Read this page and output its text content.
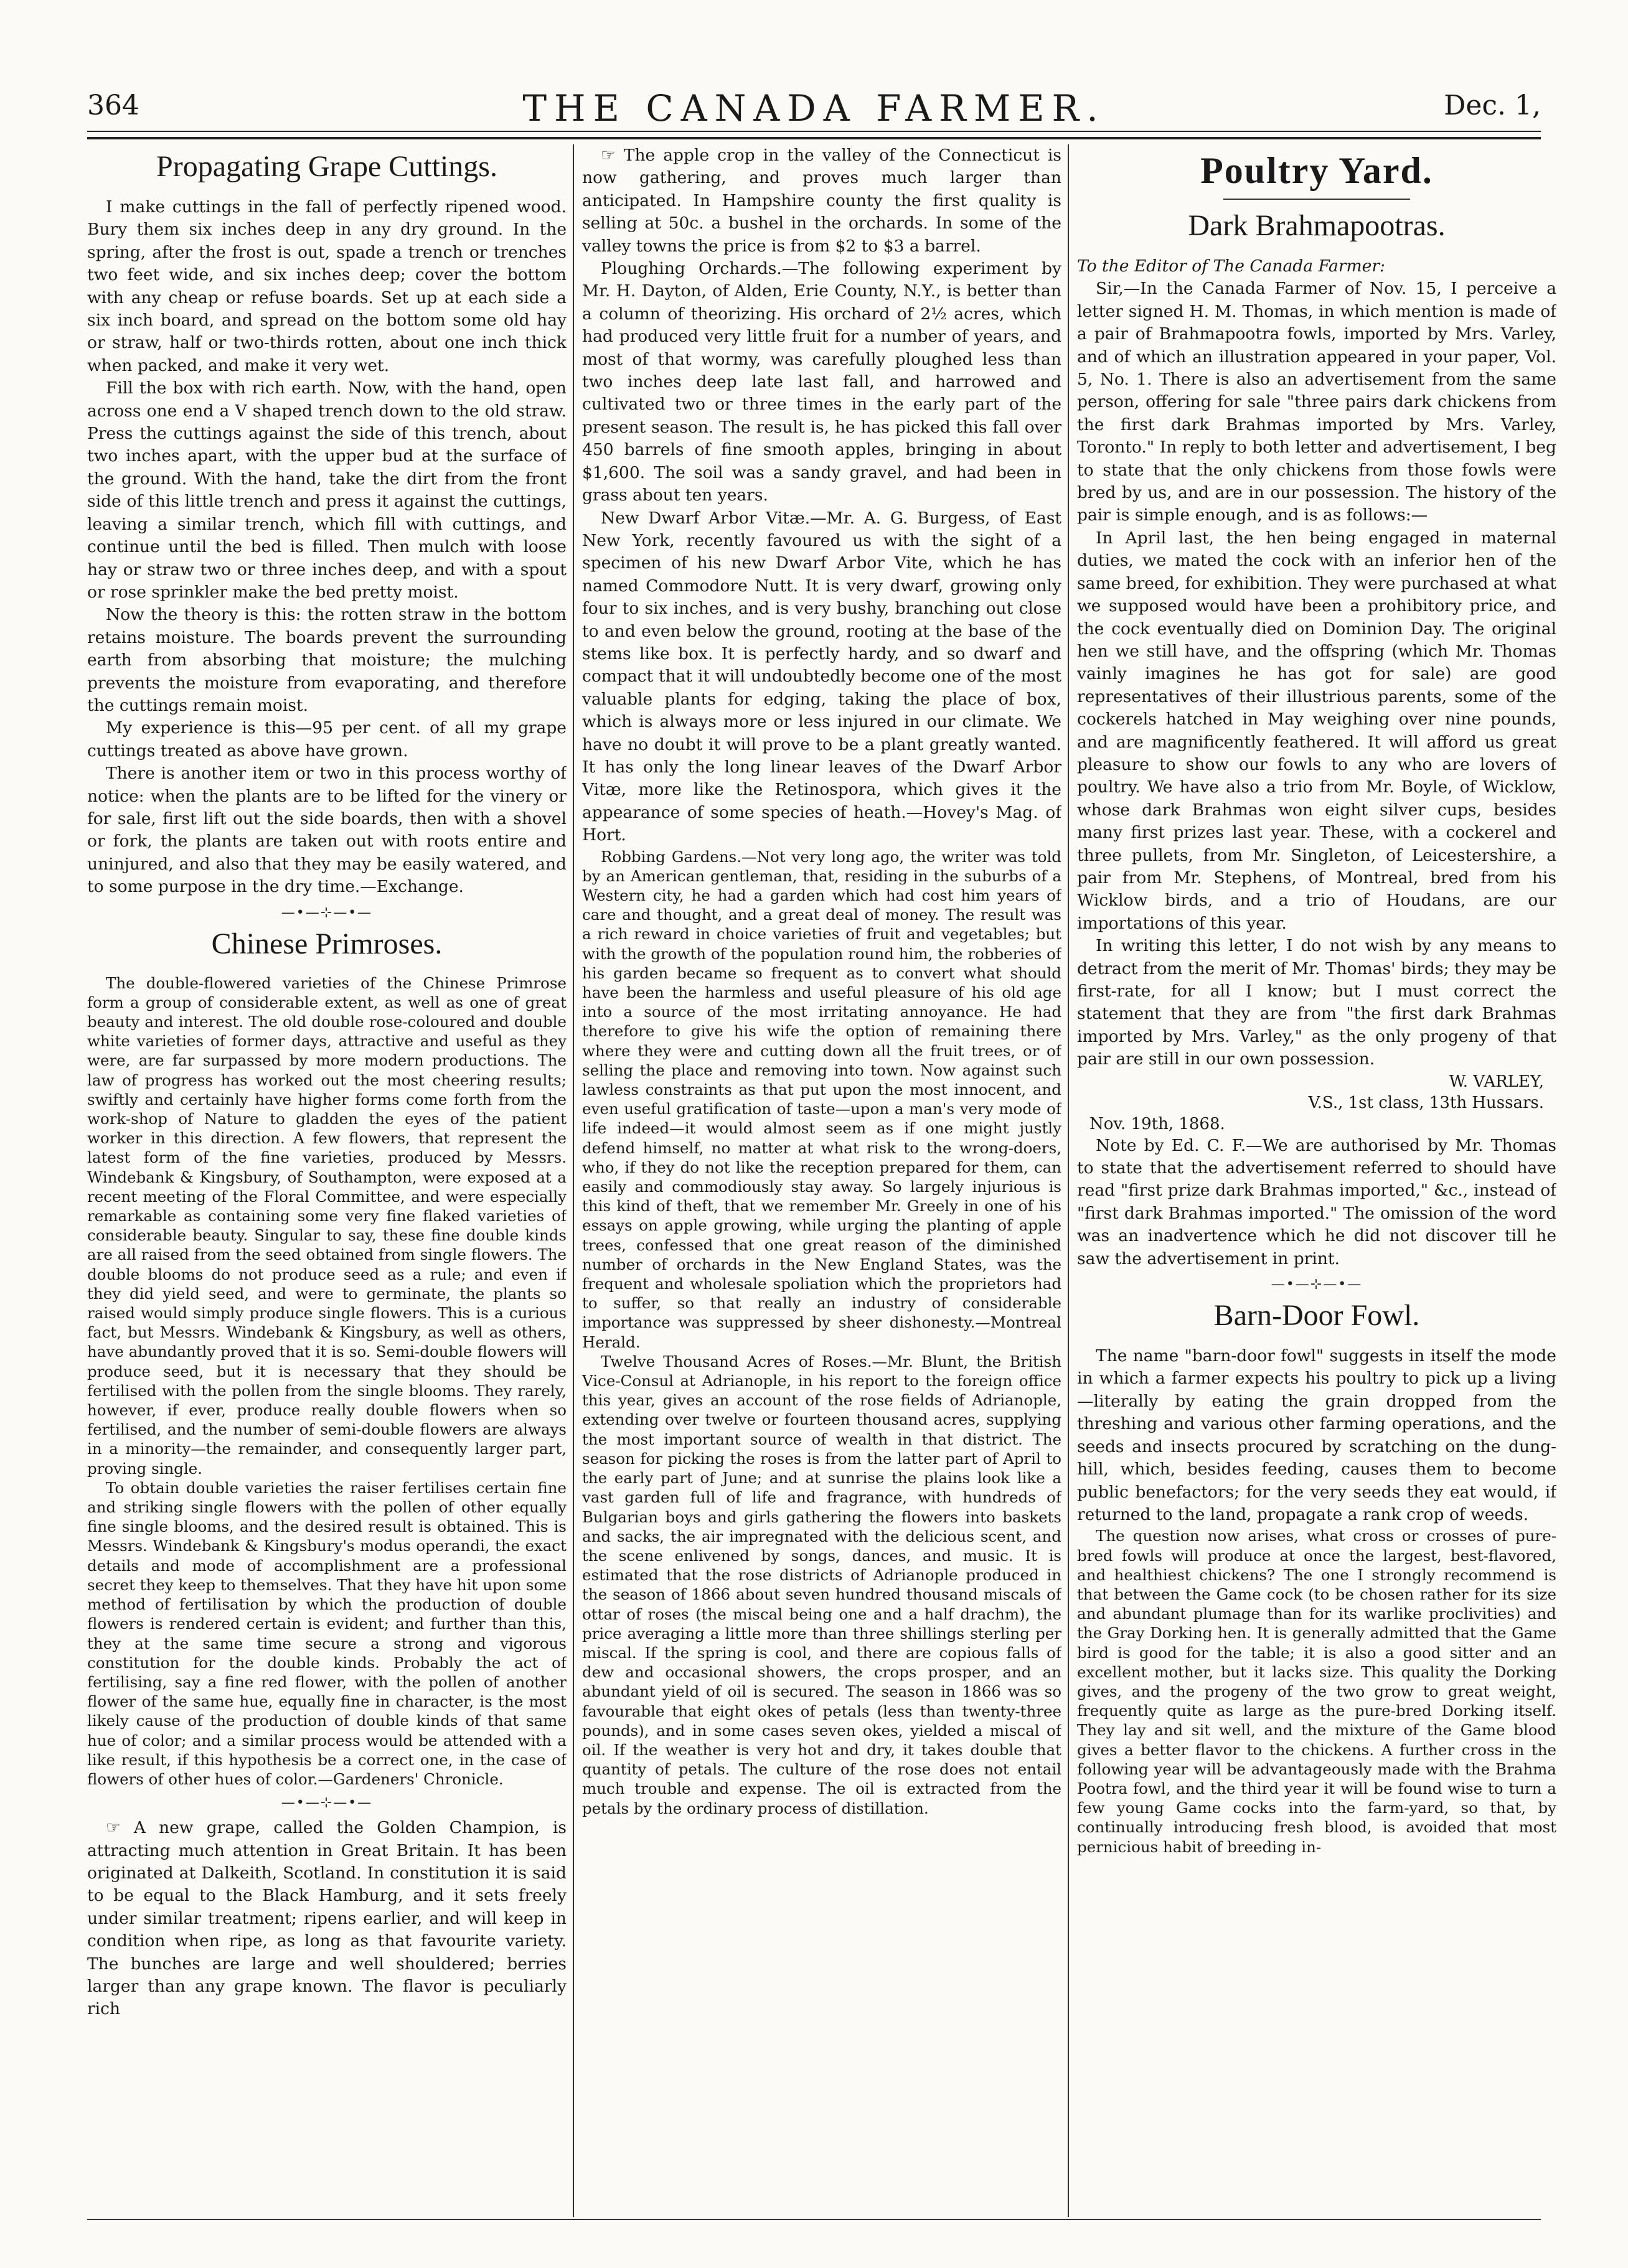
364	THE CANADA FARMER.	Dec. 1,
Propagating Grape Cuttings.

I make cuttings in the fall of perfectly ripened wood. Bury them six inches deep in any dry ground. In the spring, after the frost is out, spade a trench or trenches two feet wide, and six inches deep; cover the bottom with any cheap or refuse boards. Set up at each side a six inch board, and spread on the bottom some old hay or straw, half or two-thirds rotten, about one inch thick when packed, and make it very wet.

Fill the box with rich earth. Now, with the hand, open across one end a V shaped trench down to the old straw. Press the cuttings against the side of this trench, about two inches apart, with the upper bud at the surface of the ground. With the hand, take the dirt from the front side of this little trench and press it against the cuttings, leaving a similar trench, which fill with cuttings, and continue until the bed is filled. Then mulch with loose hay or straw two or three inches deep, and with a spout or rose sprinkler make the bed pretty moist.

Now the theory is this: the rotten straw in the bottom retains moisture. The boards prevent the surrounding earth from absorbing that moisture; the mulching prevents the moisture from evaporating, and therefore the cuttings remain moist.

My experience is this—95 per cent. of all my grape cuttings treated as above have grown.

There is another item or two in this process worthy of notice: when the plants are to be lifted for the vinery or for sale, first lift out the side boards, then with a shovel or fork, the plants are taken out with roots entire and uninjured, and also that they may be easily watered, and to some purpose in the dry time.—Exchange.

—•—⊹—•—
Chinese Primroses.

The double-flowered varieties of the Chinese Primrose form a group of considerable extent, as well as one of great beauty and interest. The old double rose-coloured and double white varieties of former days, attractive and useful as they were, are far surpassed by more modern productions. The law of progress has worked out the most cheering results; swiftly and certainly have higher forms come forth from the work-shop of Nature to gladden the eyes of the patient worker in this direction. A few flowers, that represent the latest form of the fine varieties, produced by Messrs. Windebank & Kingsbury, of Southampton, were exposed at a recent meeting of the Floral Committee, and were especially remarkable as containing some very fine flaked varieties of considerable beauty. Singular to say, these fine double kinds are all raised from the seed obtained from single flowers. The double blooms do not produce seed as a rule; and even if they did yield seed, and were to germinate, the plants so raised would simply produce single flowers. This is a curious fact, but Messrs. Windebank & Kingsbury, as well as others, have abundantly proved that it is so. Semi-double flowers will produce seed, but it is necessary that they should be fertilised with the pollen from the single blooms. They rarely, however, if ever, produce really double flowers when so fertilised, and the number of semi-double flowers are always in a minority—the remainder, and consequently larger part, proving single.

To obtain double varieties the raiser fertilises certain fine and striking single flowers with the pollen of other equally fine single blooms, and the desired result is obtained. This is Messrs. Windebank & Kingsbury's modus operandi, the exact details and mode of accomplishment are a professional secret they keep to themselves. That they have hit upon some method of fertilisation by which the production of double flowers is rendered certain is evident; and further than this, they at the same time secure a strong and vigorous constitution for the double kinds. Probably the act of fertilising, say a fine red flower, with the pollen of another flower of the same hue, equally fine in character, is the most likely cause of the production of double kinds of that same hue of color; and a similar process would be attended with a like result, if this hypothesis be a correct one, in the case of flowers of other hues of color.—Gardeners' Chronicle.

—•—⊹—•—

☞ A new grape, called the Golden Champion, is attracting much attention in Great Britain. It has been originated at Dalkeith, Scotland. In constitution it is said to be equal to the Black Hamburg, and it sets freely under similar treatment; ripens earlier, and will keep in condition when ripe, as long as that favourite variety. The bunches are large and well shouldered; berries larger than any grape known. The flavor is peculiarly rich

☞ The apple crop in the valley of the Connecticut is now gathering, and proves much larger than anticipated. In Hampshire county the first quality is selling at 50c. a bushel in the orchards. In some of the valley towns the price is from $2 to $3 a barrel.

Ploughing Orchards.—The following experiment by Mr. H. Dayton, of Alden, Erie County, N.Y., is better than a column of theorizing. His orchard of 2½ acres, which had produced very little fruit for a number of years, and most of that wormy, was carefully ploughed less than two inches deep late last fall, and harrowed and cultivated two or three times in the early part of the present season. The result is, he has picked this fall over 450 barrels of fine smooth apples, bringing in about $1,600. The soil was a sandy gravel, and had been in grass about ten years.

New Dwarf Arbor Vitæ.—Mr. A. G. Burgess, of East New York, recently favoured us with the sight of a specimen of his new Dwarf Arbor Vite, which he has named Commodore Nutt. It is very dwarf, growing only four to six inches, and is very bushy, branching out close to and even below the ground, rooting at the base of the stems like box. It is perfectly hardy, and so dwarf and compact that it will undoubtedly become one of the most valuable plants for edging, taking the place of box, which is always more or less injured in our climate. We have no doubt it will prove to be a plant greatly wanted. It has only the long linear leaves of the Dwarf Arbor Vitæ, more like the Retinospora, which gives it the appearance of some species of heath.—Hovey's Mag. of Hort.

Robbing Gardens.—Not very long ago, the writer was told by an American gentleman, that, residing in the suburbs of a Western city, he had a garden which had cost him years of care and thought, and a great deal of money. The result was a rich reward in choice varieties of fruit and vegetables; but with the growth of the population round him, the robberies of his garden became so frequent as to convert what should have been the harmless and useful pleasure of his old age into a source of the most irritating annoyance. He had therefore to give his wife the option of remaining there where they were and cutting down all the fruit trees, or of selling the place and removing into town. Now against such lawless constraints as that put upon the most innocent, and even useful gratification of taste—upon a man's very mode of life indeed—it would almost seem as if one might justly defend himself, no matter at what risk to the wrong-doers, who, if they do not like the reception prepared for them, can easily and commodiously stay away. So largely injurious is this kind of theft, that we remember Mr. Greely in one of his essays on apple growing, while urging the planting of apple trees, confessed that one great reason of the diminished number of orchards in the New England States, was the frequent and wholesale spoliation which the proprietors had to suffer, so that really an industry of considerable importance was suppressed by sheer dishonesty.—Montreal Herald.

Twelve Thousand Acres of Roses.—Mr. Blunt, the British Vice-Consul at Adrianople, in his report to the foreign office this year, gives an account of the rose fields of Adrianople, extending over twelve or fourteen thousand acres, supplying the most important source of wealth in that district. The season for picking the roses is from the latter part of April to the early part of June; and at sunrise the plains look like a vast garden full of life and fragrance, with hundreds of Bulgarian boys and girls gathering the flowers into baskets and sacks, the air impregnated with the delicious scent, and the scene enlivened by songs, dances, and music. It is estimated that the rose districts of Adrianople produced in the season of 1866 about seven hundred thousand miscals of ottar of roses (the miscal being one and a half drachm), the price averaging a little more than three shillings sterling per miscal. If the spring is cool, and there are copious falls of dew and occasional showers, the crops prosper, and an abundant yield of oil is secured. The season in 1866 was so favourable that eight okes of petals (less than twenty-three pounds), and in some cases seven okes, yielded a miscal of oil. If the weather is very hot and dry, it takes double that quantity of petals. The culture of the rose does not entail much trouble and expense. The oil is extracted from the petals by the ordinary process of distillation.

Poultry Yard.
Dark Brahmapootras.

To the Editor of The Canada Farmer:

Sir,—In the Canada Farmer of Nov. 15, I perceive a letter signed H. M. Thomas, in which mention is made of a pair of Brahmapootra fowls, imported by Mrs. Varley, and of which an illustration appeared in your paper, Vol. 5, No. 1. There is also an advertisement from the same person, offering for sale "three pairs dark chickens from the first dark Brahmas imported by Mrs. Varley, Toronto." In reply to both letter and advertisement, I beg to state that the only chickens from those fowls were bred by us, and are in our possession. The history of the pair is simple enough, and is as follows:—

In April last, the hen being engaged in maternal duties, we mated the cock with an inferior hen of the same breed, for exhibition. They were purchased at what we supposed would have been a prohibitory price, and the cock eventually died on Dominion Day. The original hen we still have, and the offspring (which Mr. Thomas vainly imagines he has got for sale) are good representatives of their illustrious parents, some of the cockerels hatched in May weighing over nine pounds, and are magnificently feathered. It will afford us great pleasure to show our fowls to any who are lovers of poultry. We have also a trio from Mr. Boyle, of Wicklow, whose dark Brahmas won eight silver cups, besides many first prizes last year. These, with a cockerel and three pullets, from Mr. Singleton, of Leicestershire, a pair from Mr. Stephens, of Montreal, bred from his Wicklow birds, and a trio of Houdans, are our importations of this year.

In writing this letter, I do not wish by any means to detract from the merit of Mr. Thomas' birds; they may be first-rate, for all I know; but I must correct the statement that they are from "the first dark Brahmas imported by Mrs. Varley," as the only progeny of that pair are still in our own possession.

W. VARLEY,
V.S., 1st class, 13th Hussars.
Nov. 19th, 1868.

Note by Ed. C. F.—We are authorised by Mr. Thomas to state that the advertisement referred to should have read "first prize dark Brahmas imported," &c., instead of "first dark Brahmas imported." The omission of the word was an inadvertence which he did not discover till he saw the advertisement in print.

—•—⊹—•—
Barn-Door Fowl.

The name "barn-door fowl" suggests in itself the mode in which a farmer expects his poultry to pick up a living—literally by eating the grain dropped from the threshing and various other farming operations, and the seeds and insects procured by scratching on the dung-hill, which, besides feeding, causes them to become public benefactors; for the very seeds they eat would, if returned to the land, propagate a rank crop of weeds.

The question now arises, what cross or crosses of pure-bred fowls will produce at once the largest, best-flavored, and healthiest chickens? The one I strongly recommend is that between the Game cock (to be chosen rather for its size and abundant plumage than for its warlike proclivities) and the Gray Dorking hen. It is generally admitted that the Game bird is good for the table; it is also a good sitter and an excellent mother, but it lacks size. This quality the Dorking gives, and the progeny of the two grow to great weight, frequently quite as large as the pure-bred Dorking itself. They lay and sit well, and the mixture of the Game blood gives a better flavor to the chickens. A further cross in the following year will be advantageously made with the Brahma Pootra fowl, and the third year it will be found wise to turn a few young Game cocks into the farm-yard, so that, by continually introducing fresh blood, is avoided that most pernicious habit of breeding in-
